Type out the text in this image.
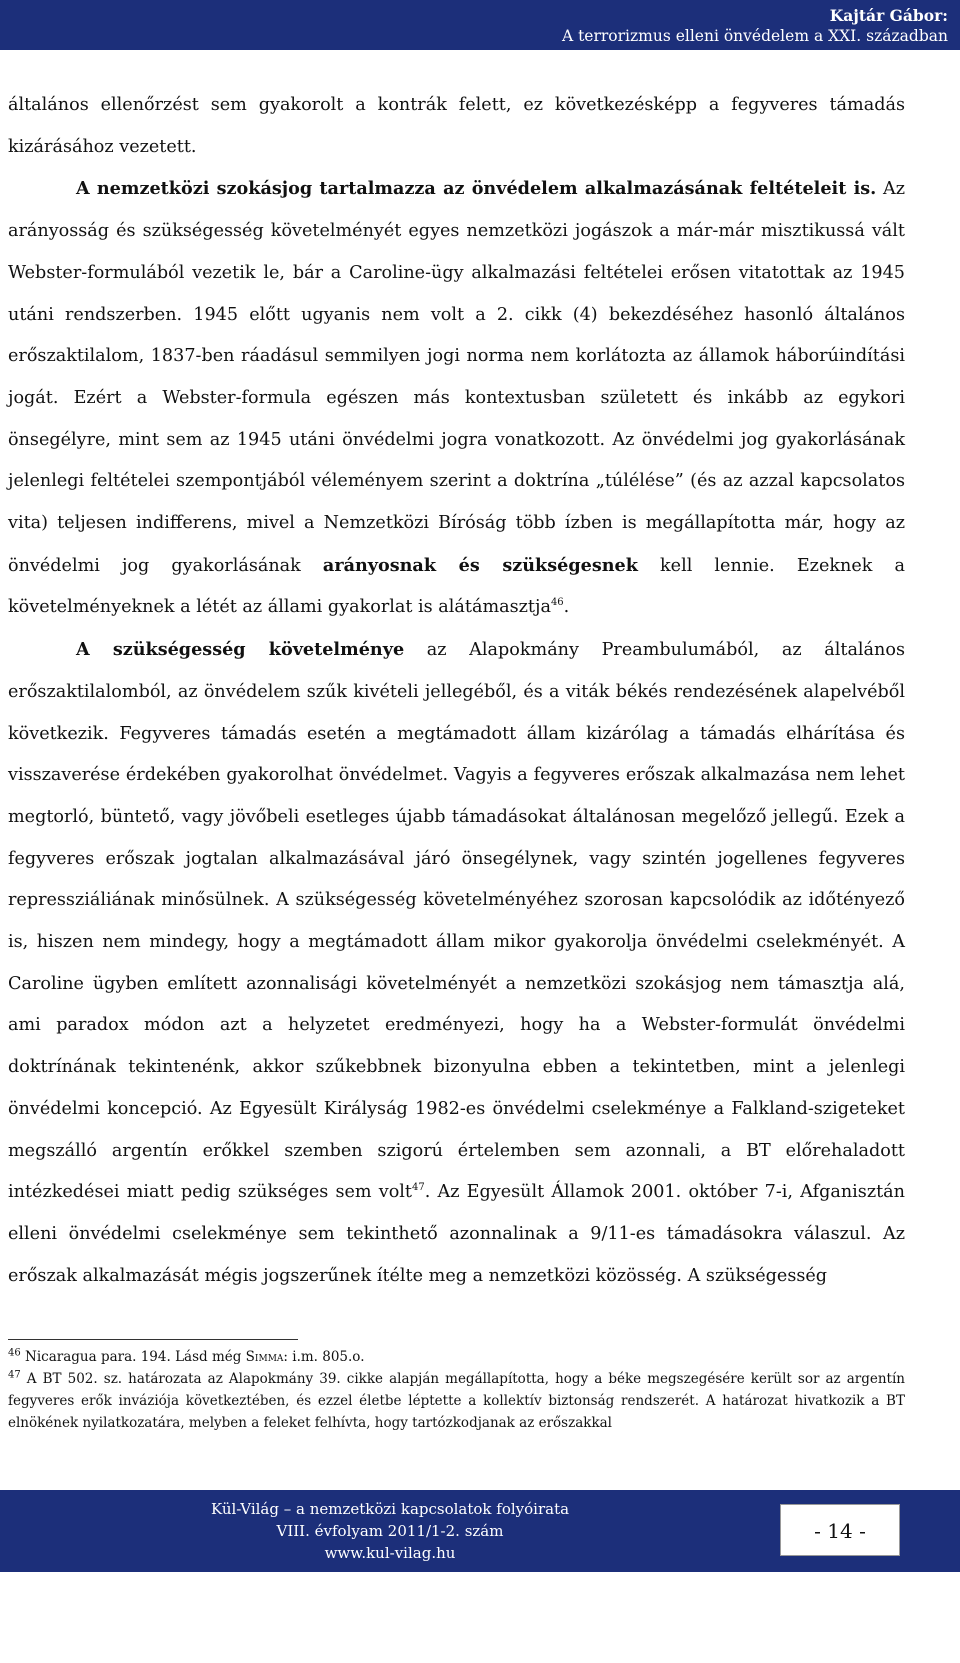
Kajtár Gábor:
A terrorizmus elleni önvédelem a XXI. században

általános ellenőrzést sem gyakorolt a kontrák felett, ez következésképp a fegyveres támadás kizárásához vezetett.

A nemzetközi szokásjog tartalmazza az önvédelem alkalmazásának feltételeit is. Az arányosság és szükségesség követelményét egyes nemzetközi jogászok a már-már misztikussá vált Webster-formulából vezetik le, bár a Caroline-ügy alkalmazási feltételei erősen vitatottak az 1945 utáni rendszerben. 1945 előtt ugyanis nem volt a 2. cikk (4) bekezdéséhez hasonló általános erőszaktilalom, 1837-ben ráadásul semmilyen jogi norma nem korlátozta az államok háborúindítási jogát. Ezért a Webster-formula egészen más kontextusban született és inkább az egykori önsegélyre, mint sem az 1945 utáni önvédelmi jogra vonatkozott. Az önvédelmi jog gyakorlásának jelenlegi feltételei szempontjából véleményem szerint a doktrína „túlélése” (és az azzal kapcsolatos vita) teljesen indifferens, mivel a Nemzetközi Bíróság több ízben is megállapította már, hogy az önvédelmi jog gyakorlásának arányosnak és szükségesnek kell lennie. Ezeknek a követelményeknek a létét az állami gyakorlat is alátámasztja$^{46}$.

A szükségesség követelménye az Alapokmány Preambulumából, az általános erőszaktilalomból, az önvédelem szűk kivételi jellegéből, és a viták békés rendezésének alapelvéből következik. Fegyveres támadás esetén a megtámadott állam kizárólag a támadás elhárítása és visszaverése érdekében gyakorolhat önvédelmet. Vagyis a fegyveres erőszak alkalmazása nem lehet megtorló, büntető, vagy jövőbeli esetleges újabb támadásokat általánosan megelőző jellegű. Ezek a fegyveres erőszak jogtalan alkalmazásával járó önsegélynek, vagy szintén jogellenes fegyveres repressziáliának minősülnek. A szükségesség követelményéhez szorosan kapcsolódik az időtényező is, hiszen nem mindegy, hogy a megtámadott állam mikor gyakorolja önvédelmi cselekményét. A Caroline ügyben említett azonnalisági követelményét a nemzetközi szokásjog nem támasztja alá, ami paradox módon azt a helyzetet eredményezi, hogy ha a Webster-formulát önvédelmi doktrínának tekintenénk, akkor szűkebbnek bizonyulna ebben a tekintetben, mint a jelenlegi önvédelmi koncepció. Az Egyesült Királyság 1982-es önvédelmi cselekménye a Falkland-szigeteket megszálló argentín erőkkel szemben szigorú értelemben sem azonnali, a BT előrehaladott intézkedései miatt pedig szükséges sem volt$^{47}$. Az Egyesült Államok 2001. október 7-i, Afganisztán elleni önvédelmi cselekménye sem tekinthető azonnalinak a 9/11-es támadásokra válaszul. Az erőszak alkalmazását mégis jogszerűnek ítélte meg a nemzetközi közösség. A szükségesség

$^{46}$ Nicaragua para. 194. Lásd még Simma: i.m. 805.o.

$^{47}$ A BT 502. sz. határozata az Alapokmány 39. cikke alapján megállapította, hogy a béke megszegésére került sor az argentín fegyveres erők inváziója következtében, és ezzel életbe léptette a kollektív biztonság rendszerét. A határozat hivatkozik a BT elnökének nyilatkozatára, melyben a feleket felhívta, hogy tartózkodjanak az erőszakkal

Kül-Világ – a nemzetközi kapcsolatok folyóirata
VIII. évfolyam 2011/1-2. szám
www.kul-vilag.hu
- 14 -
